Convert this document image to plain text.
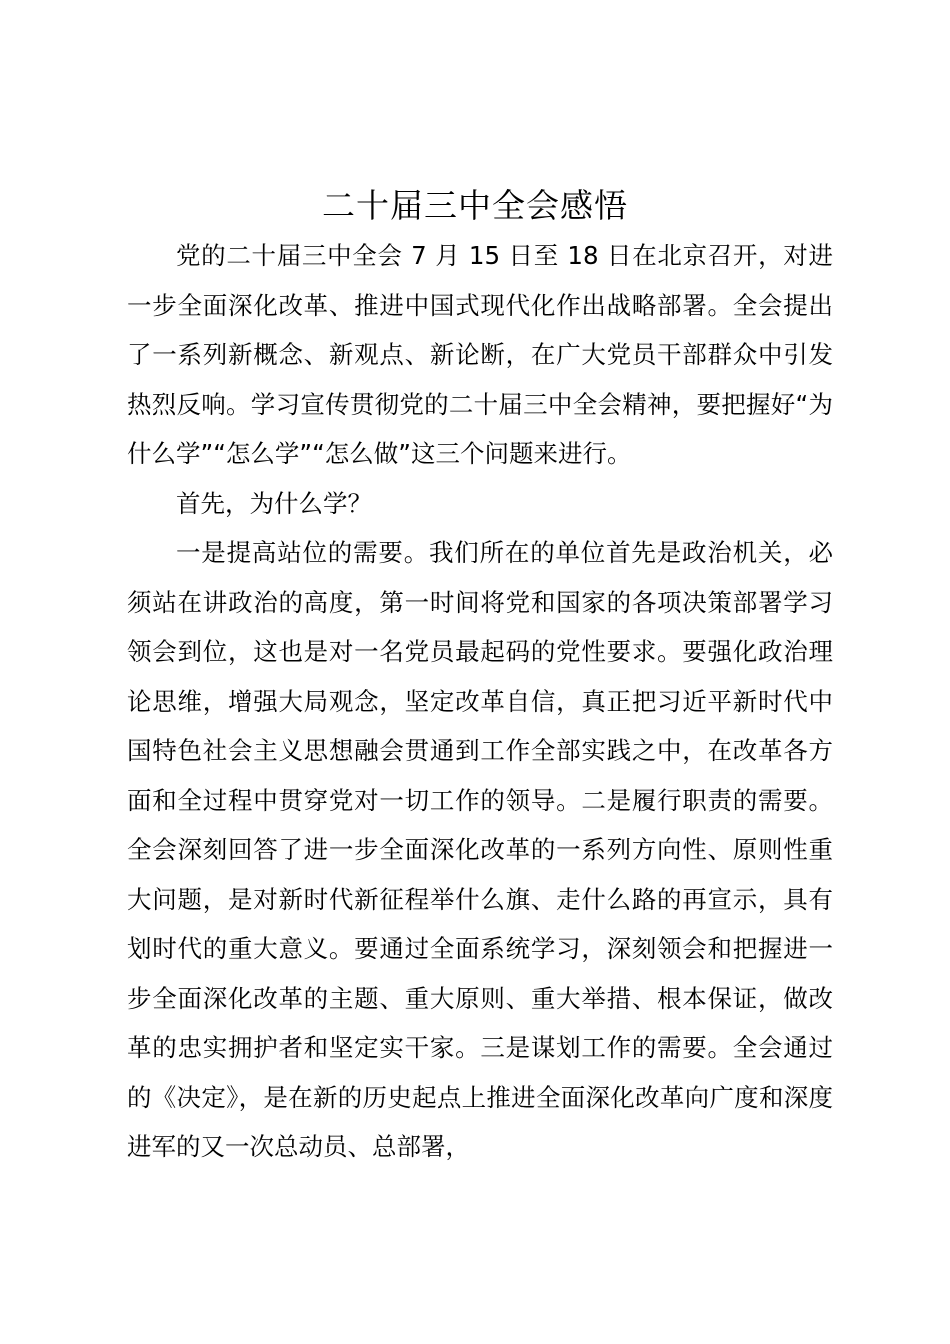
二十届三中全会感悟

党的二十届三中全会 7 月 15 日至 18 日在北京召开，对进一步全面深化改革、推进中国式现代化作出战略部署。全会提出了一系列新概念、新观点、新论断，在广大党员干部群众中引发热烈反响。学习宣传贯彻党的二十届三中全会精神，要把握好“为什么学”“怎么学”“怎么做”这三个问题来进行。

首先，为什么学？

一是提高站位的需要。我们所在的单位首先是政治机关，必须站在讲政治的高度，第一时间将党和国家的各项决策部署学习领会到位，这也是对一名党员最起码的党性要求。要强化政治理论思维，增强大局观念，坚定改革自信，真正把习近平新时代中国特色社会主义思想融会贯通到工作全部实践之中，在改革各方面和全过程中贯穿党对一切工作的领导。二是履行职责的需要。全会深刻回答了进一步全面深化改革的一系列方向性、原则性重大问题，是对新时代新征程举什么旗、走什么路的再宣示，具有划时代的重大意义。要通过全面系统学习，深刻领会和把握进一步全面深化改革的主题、重大原则、重大举措、根本保证，做改革的忠实拥护者和坚定实干家。三是谋划工作的需要。全会通过的《决定》，是在新的历史起点上推进全面深化改革向广度和深度进军的又一次总动员、总部署，
